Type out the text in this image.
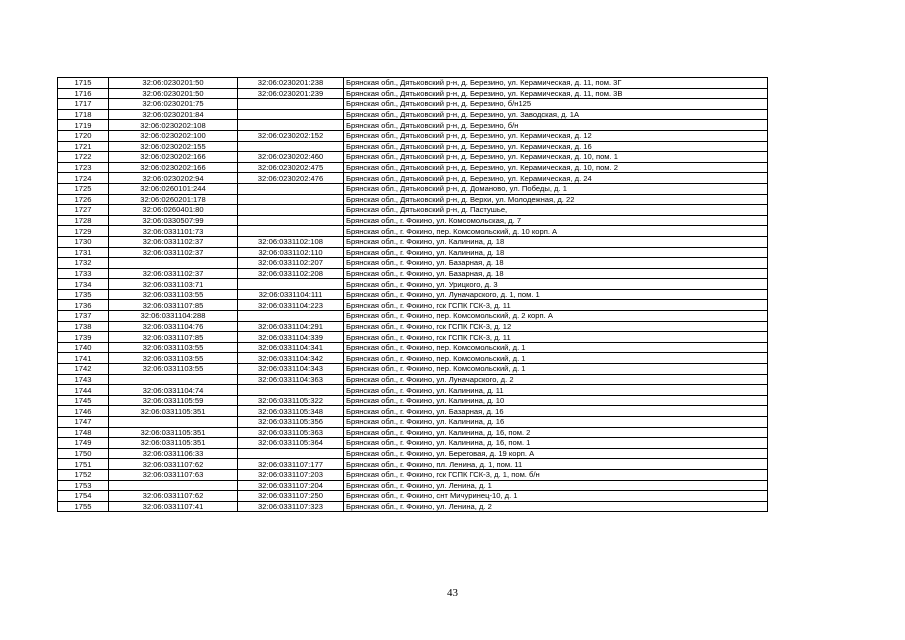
1715	32:06:0230201:50	32:06:0230201:238	Брянская обл., Дятьковский р-н, д. Березино, ул. Керамическая, д. 11, пом. 3Г
1716	32:06:0230201:50	32:06:0230201:239	Брянская обл., Дятьковский р-н, д. Березино, ул. Керамическая, д. 11, пом. 3В
1717	32:06:0230201:75		Брянская обл., Дятьковский р-н, д. Березино, б/н125
1718	32:06:0230201:84		Брянская обл., Дятьковский р-н, д. Березино, ул. Заводская, д. 1А
1719	32:06:0230202:108		Брянская обл., Дятьковский р-н, д. Березино, б/н
1720	32:06:0230202:100	32:06:0230202:152	Брянская обл., Дятьковский р-н, д. Березино, ул. Керамическая, д. 12
1721	32:06:0230202:155		Брянская обл., Дятьковский р-н, д. Березино, ул. Керамическая, д. 16
1722	32:06:0230202:166	32:06:0230202:460	Брянская обл., Дятьковский р-н, д. Березино, ул. Керамическая, д. 10, пом. 1
1723	32:06:0230202:166	32:06:0230202:475	Брянская обл., Дятьковский р-н, д. Березино, ул. Керамическая, д. 10, пом. 2
1724	32:06:0230202:94	32:06:0230202:476	Брянская обл., Дятьковский р-н, д. Березино, ул. Керамическая, д. 24
1725	32:06:0260101:244		Брянская обл., Дятьковский р-н, д. Доманово, ул. Победы, д. 1
1726	32:06:0260201:178		Брянская обл., Дятьковский р-н, д. Верхи, ул. Молодежная, д. 22
1727	32:06:0260401:80		Брянская обл., Дятьковский р-н, д. Пастушье,
1728	32:06:0330507:99		Брянская обл., г. Фокино, ул. Комсомольская, д. 7
1729	32:06:0331101:73		Брянская обл., г. Фокино, пер. Комсомольский, д. 10 корп. А
1730	32:06:0331102:37	32:06:0331102:108	Брянская обл., г. Фокино, ул. Калинина, д. 18
1731	32:06:0331102:37	32:06:0331102:110	Брянская обл., г. Фокино, ул. Калинина, д. 18
1732		32:06:0331102:207	Брянская обл., г. Фокино, ул. Базарная, д. 18
1733	32:06:0331102:37	32:06:0331102:208	Брянская обл., г. Фокино, ул. Базарная, д. 18
1734	32:06:0331103:71		Брянская обл., г. Фокино, ул. Урицкого, д. 3
1735	32:06:0331103:55	32:06:0331104:111	Брянская обл., г. Фокино, ул. Луначарского, д. 1, пом. 1
1736	32:06:0331107:85	32:06:0331104:223	Брянская обл., г. Фокино, гск ГСПК ГСК-3, д. 11
1737	32:06:0331104:288		Брянская обл., г. Фокино, пер. Комсомольский, д. 2 корп. А
1738	32:06:0331104:76	32:06:0331104:291	Брянская обл., г. Фокино, гск ГСПК ГСК-3, д. 12
1739	32:06:0331107:85	32:06:0331104:339	Брянская обл., г. Фокино, гск ГСПК ГСК-3, д. 11
1740	32:06:0331103:55	32:06:0331104:341	Брянская обл., г. Фокино, пер. Комсомольский, д. 1
1741	32:06:0331103:55	32:06:0331104:342	Брянская обл., г. Фокино, пер. Комсомольский, д. 1
1742	32:06:0331103:55	32:06:0331104:343	Брянская обл., г. Фокино, пер. Комсомольский, д. 1
1743		32:06:0331104:363	Брянская обл., г. Фокино, ул. Луначарского, д. 2
1744	32:06:0331104:74		Брянская обл., г. Фокино, ул. Калинина, д. 11
1745	32:06:0331105:59	32:06:0331105:322	Брянская обл., г. Фокино, ул. Калинина, д. 10
1746	32:06:0331105:351	32:06:0331105:348	Брянская обл., г. Фокино, ул. Базарная, д. 16
1747		32:06:0331105:356	Брянская обл., г. Фокино, ул. Калинина, д. 16
1748	32:06:0331105:351	32:06:0331105:363	Брянская обл., г. Фокино, ул. Калинина, д. 16, пом. 2
1749	32:06:0331105:351	32:06:0331105:364	Брянская обл., г. Фокино, ул. Калинина, д. 16, пом. 1
1750	32:06:0331106:33		Брянская обл., г. Фокино, ул. Береговая, д. 19 корп. А
1751	32:06:0331107:62	32:06:0331107:177	Брянская обл., г. Фокино, пл. Ленина, д. 1, пом. 11
1752	32:06:0331107:63	32:06:0331107:203	Брянская обл., г. Фокино, гск ГСПК ГСК-3, д. 1, пом. б/н
1753		32:06:0331107:204	Брянская обл., г. Фокино, ул. Ленина, д. 1
1754	32:06:0331107:62	32:06:0331107:250	Брянская обл., г. Фокино, снт Мичуринец-10, д. 1
1755	32:06:0331107:41	32:06:0331107:323	Брянская обл., г. Фокино, ул. Ленина, д. 2
43
